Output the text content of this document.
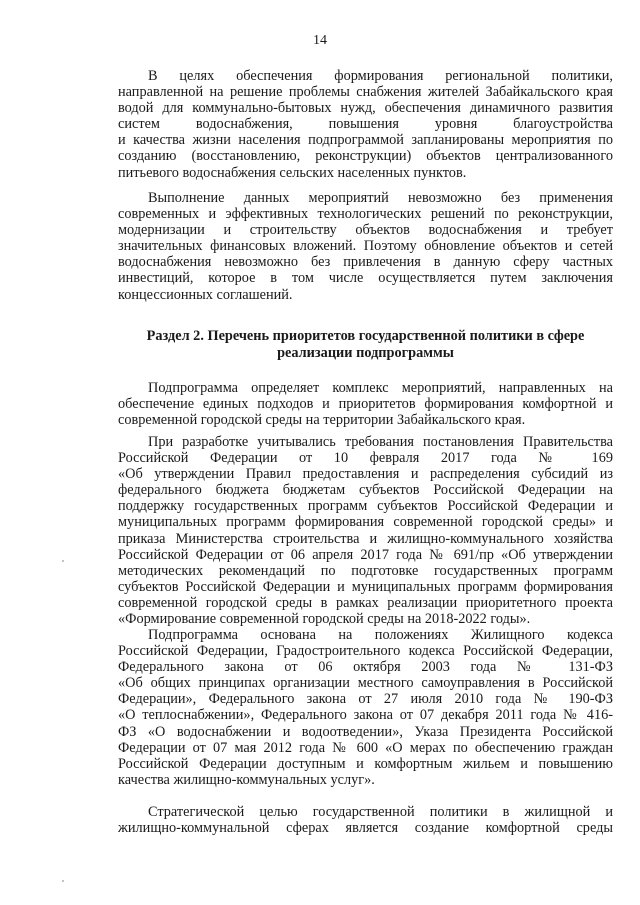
14
В целях обеспечения формирования региональной политики,
направленной на решение проблемы снабжения жителей Забайкальского края
водой для коммунально-бытовых нужд, обеспечения динамичного развития
систем водоснабжения, повышения уровня благоустройства
и качества жизни населения подпрограммой запланированы мероприятия по
созданию (восстановлению, реконструкции) объектов централизованного
питьевого водоснабжения сельских населенных пунктов.
Выполнение данных мероприятий невозможно без применения
современных и эффективных технологических решений по реконструкции,
модернизации и строительству объектов водоснабжения и требует
значительных финансовых вложений. Поэтому обновление объектов и сетей
водоснабжения невозможно без привлечения в данную сферу частных
инвестиций, которое в том числе осуществляется путем заключения
концессионных соглашений.
Раздел 2. Перечень приоритетов государственной политики в сфере
реализации подпрограммы
Подпрограмма определяет комплекс мероприятий, направленных на
обеспечение единых подходов и приоритетов формирования комфортной и
современной городской среды на территории Забайкальского края.
При разработке учитывались требования постановления Правительства
Российской Федерации от 10 февраля 2017 года № 169
«Об утверждении Правил предоставления и распределения субсидий из
федерального бюджета бюджетам субъектов Российской Федерации на
поддержку государственных программ субъектов Российской Федерации и
муниципальных программ формирования современной городской среды» и
приказа Министерства строительства и жилищно-коммунального хозяйства
Российской Федерации от 06 апреля 2017 года № 691/пр «Об утверждении
методических рекомендаций по подготовке государственных программ
субъектов Российской Федерации и муниципальных программ формирования
современной городской среды в рамках реализации приоритетного проекта
«Формирование современной городской среды на 2018-2022 годы».
Подпрограмма основана на положениях Жилищного кодекса
Российской Федерации, Градостроительного кодекса Российской Федерации,
Федерального закона от 06 октября 2003 года № 131-ФЗ
«Об общих принципах организации местного самоуправления в Российской
Федерации», Федерального закона от 27 июля 2010 года № 190-ФЗ
«О теплоснабжении», Федерального закона от 07 декабря 2011 года № 416-
ФЗ «О водоснабжении и водоотведении», Указа Президента Российской
Федерации от 07 мая 2012 года № 600 «О мерах по обеспечению граждан
Российской Федерации доступным и комфортным жильем и повышению
качества жилищно-коммунальных услуг».
Стратегической целью государственной политики в жилищной и
жилищно-коммунальной сферах является создание комфортной среды
